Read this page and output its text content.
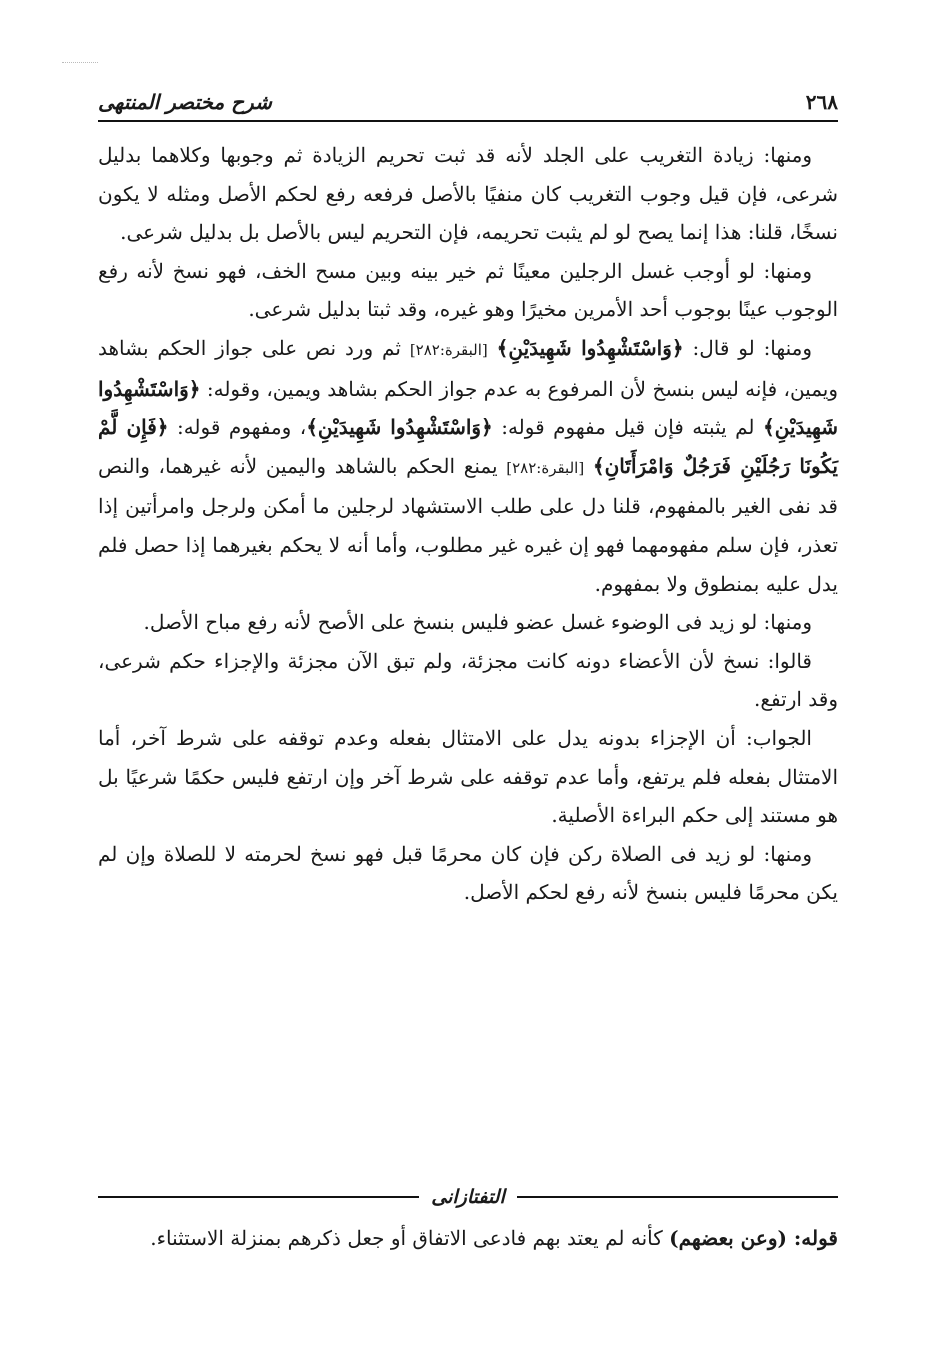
٢٦٨
شرح مختصر المنتهى

ومنها: زيادة التغريب على الجلد لأنه قد ثبت تحريم الزيادة ثم وجوبها وكلاهما بدليل شرعى، فإن قيل وجوب التغريب كان منفيًا بالأصل فرفعه رفع لحكم الأصل ومثله لا يكون نسخًا، قلنا: هذا إنما يصح لو لم يثبت تحريمه، فإن التحريم ليس بالأصل بل بدليل شرعى.

ومنها: لو أوجب غسل الرجلين معينًا ثم خير بينه وبين مسح الخف، فهو نسخ لأنه رفع الوجوب عينًا بوجوب أحد الأمرين مخيرًا وهو غيره، وقد ثبتا بدليل شرعى.

ومنها: لو قال: ﴿وَاسْتَشْهِدُوا شَهِيدَيْنِ﴾ [البقرة:٢٨٢] ثم ورد نص على جواز الحكم بشاهد ويمين، فإنه ليس بنسخ لأن المرفوع به عدم جواز الحكم بشاهد ويمين، وقوله: ﴿وَاسْتَشْهِدُوا شَهِيدَيْنِ﴾ لم يثبته فإن قيل مفهوم قوله: ﴿وَاسْتَشْهِدُوا شَهِيدَيْنِ﴾، ومفهوم قوله: ﴿فَإِن لَّمْ يَكُونَا رَجُلَيْنِ فَرَجُلٌ وَامْرَأَتَانِ﴾ [البقرة:٢٨٢] يمنع الحكم بالشاهد واليمين لأنه غيرهما، والنص قد نفى الغير بالمفهوم، قلنا دل على طلب الاستشهاد لرجلين ما أمكن ولرجل وامرأتين إذا تعذر، فإن سلم مفهومهما فهو إن غيره غير مطلوب، وأما أنه لا يحكم بغيرهما إذا حصل فلم يدل عليه بمنطوق ولا بمفهوم.

ومنها: لو زيد فى الوضوء غسل عضو فليس بنسخ على الأصح لأنه رفع مباح الأصل.

قالوا: نسخ لأن الأعضاء دونه كانت مجزئة، ولم تبق الآن مجزئة والإجزاء حكم شرعى، وقد ارتفع.

الجواب: أن الإجزاء بدونه يدل على الامتثال بفعله وعدم توقفه على شرط آخر، أما الامتثال بفعله فلم يرتفع، وأما عدم توقفه على شرط آخر وإن ارتفع فليس حكمًا شرعيًا بل هو مستند إلى حكم البراءة الأصلية.

ومنها: لو زيد فى الصلاة ركن فإن كان محرمًا قبل فهو نسخ لحرمته لا للصلاة وإن لم يكن محرمًا فليس بنسخ لأنه رفع لحكم الأصل.

التفتازانى

قوله: (وعن بعضهم) كأنه لم يعتد بهم فادعى الاتفاق أو جعل ذكرهم بمنزلة الاستثناء.
